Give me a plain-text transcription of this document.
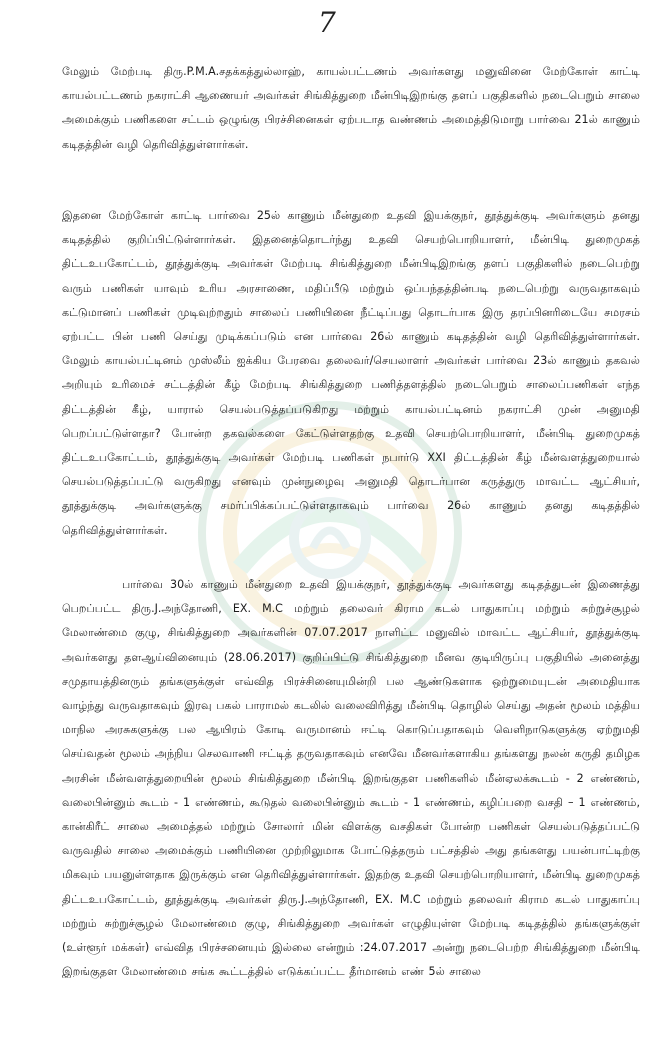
7

மேலும் மேற்படி திரு.P.M.A.சதக்கத்துல்லாஹ், காயல்பட்டணம் அவர்களது மனுவினை மேற்கோள் காட்டி காயல்பட்டணம் நகராட்சி ஆணையர் அவர்கள் சிங்கித்துறை மீன்பிடிஇறங்கு தளப் பகுதிகளில் நடைபெறும் சாலை அமைக்கும் பணிகளை சட்டம் ஒழுங்கு பிரச்சினைகள் ஏற்படாத வண்ணம் அமைத்திடுமாறு பார்வை 21ல் காணும் கடிதத்தின் வழி தெரிவித்துள்ளார்கள்.

இதனை மேற்கோள் காட்டி பார்வை 25ல் காணும் மீன்துறை உதவி இயக்குநர், தூத்துக்குடி அவர்களும் தனது கடிதத்தில் குறிப்பிட்டுள்ளார்கள். இதனைத்தொடர்ந்து உதவி செயற்பொறியாளர், மீன்பிடி துறைமுகத் திட்டஉபகோட்டம், தூத்துக்குடி அவர்கள் மேற்படி சிங்கித்துறை மீன்பிடிஇறங்கு தளப் பகுதிகளில் நடைபெற்று வரும் பணிகள் யாவும் உரிய அரசாணை, மதிப்பீடு மற்றும் ஒப்பந்தத்தின்படி நடைபெற்று வருவதாகவும் கட்டுமானப் பணிகள் முடிவுற்றதும் சாலைப் பணியினை நீட்டிப்பது தொடர்பாக இரு தரப்பினரிடையே சமரசம் ஏற்பட்ட பின் பணி செய்து முடிக்கப்படும் என பார்வை 26ல் காணும் கடிதத்தின் வழி தெரிவித்துள்ளார்கள். மேலும் காயல்பட்டினம் முஸ்லீம் ஐக்கிய பேரவை தலைவர்/செயலாளர் அவர்கள் பார்வை 23ல் காணும் தகவல் அறியும் உரிமைச் சட்டத்தின் கீழ் மேற்படி சிங்கித்துறை பணித்தளத்தில் நடைபெறும் சாலைப்பணிகள் எந்த திட்டத்தின் கீழ், யாரால் செயல்படுத்தப்படுகிறது மற்றும் காயல்பட்டினம் நகராட்சி முன் அனுமதி பெறப்பட்டுள்ளதா? போன்ற தகவல்களை கேட்டுள்ளதற்கு உதவி செயற்பொறியாளர், மீன்பிடி துறைமுகத் திட்டஉபகோட்டம், தூத்துக்குடி அவர்கள் மேற்படி பணிகள் நபார்டு XXI திட்டத்தின் கீழ் மீன்வளத்துறையால் செயல்படுத்தப்பட்டு வருகிறது எனவும் முன்நுழைவு அனுமதி தொடர்பான கருத்துரு மாவட்ட ஆட்சியர், தூத்துக்குடி அவர்களுக்கு சமர்ப்பிக்கப்பட்டுள்ளதாகவும் பார்வை 26ல் காணும் தனது கடிதத்தில் தெரிவித்துள்ளார்கள்.

பார்வை 30ல் காணும் மீன்துறை உதவி இயக்குநர், தூத்துக்குடி அவர்களது கடிதத்துடன் இணைத்து பெறப்பட்ட திரு.J.அந்தோணி, EX. M.C மற்றும் தலைவர் கிராம கடல் பாதுகாப்பு மற்றும் சுற்றுச்சூழல் மேலாண்மை குழு, சிங்கித்துறை அவர்களின் 07.07.2017 நாளிட்ட மனுவில் மாவட்ட ஆட்சியர், தூத்துக்குடி அவர்களது தளஆய்வினையும் (28.06.2017) குறிப்பிட்டு சிங்கித்துறை மீனவ குடியிருப்பு பகுதியில் அனைத்து சமுதாயத்தினரும் தங்களுக்குள் எவ்வித பிரச்சினையுமின்றி பல ஆண்டுகளாக ஒற்றுமையுடன் அமைதியாக வாழ்ந்து வருவதாகவும் இரவு பகல் பாராமல் கடலில் வலைவிரித்து மீன்பிடி தொழில் செய்து அதன் மூலம் மத்திய மாநில அரசுகளுக்கு பல ஆயிரம் கோடி வருமானம் ஈட்டி கொடுப்பதாகவும் வெளிநாடுகளுக்கு ஏற்றுமதி செய்வதன் மூலம் அந்நிய செலவாணி ஈட்டித் தருவதாகவும் எனவே மீனவர்களாகிய தங்களது நலன் கருதி தமிழக அரசின் மீன்வளத்துறையின் மூலம் சிங்கித்துறை மீன்பிடி இறங்குதள பணிகளில் மீன்ஏலக்கூடம் - 2 எண்ணம், வலைபின்னும் கூடம் - 1 எண்ணம், கூடுதல் வலைபின்னும் கூடம் - 1 எண்ணம், கழிப்பறை வசதி – 1 எண்ணம், கான்கிரீட் சாலை அமைத்தல் மற்றும் சோலார் மின் விளக்கு வசதிகள் போன்ற பணிகள் செயல்படுத்தப்பட்டு வருவதில் சாலை அமைக்கும் பணியினை முற்றிலுமாக போட்டுத்தரும் பட்சத்தில் அது தங்களது பயன்பாட்டிற்கு மிகவும் பயனுள்ளதாக இருக்கும் என தெரிவித்துள்ளார்கள். இதற்கு உதவி செயற்பொறியாளர், மீன்பிடி துறைமுகத் திட்டஉபகோட்டம், தூத்துக்குடி அவர்கள் திரு.J.அந்தோணி, EX. M.C மற்றும் தலைவர் கிராம கடல் பாதுகாப்பு மற்றும் சுற்றுச்சூழல் மேலாண்மை குழு, சிங்கித்துறை அவர்கள் எழுதியுள்ள மேற்படி கடிதத்தில் தங்களுக்குள் (உள்ளூர் மக்கள்) எவ்வித பிரச்சனையும் இல்லை என்றும் :24.07.2017 அன்று நடைபெற்ற சிங்கித்துறை மீன்பிடி இறங்குதள மேலாண்மை சங்க கூட்டத்தில் எடுக்கப்பட்ட தீர்மானம் எண் 5ல் சாலை
